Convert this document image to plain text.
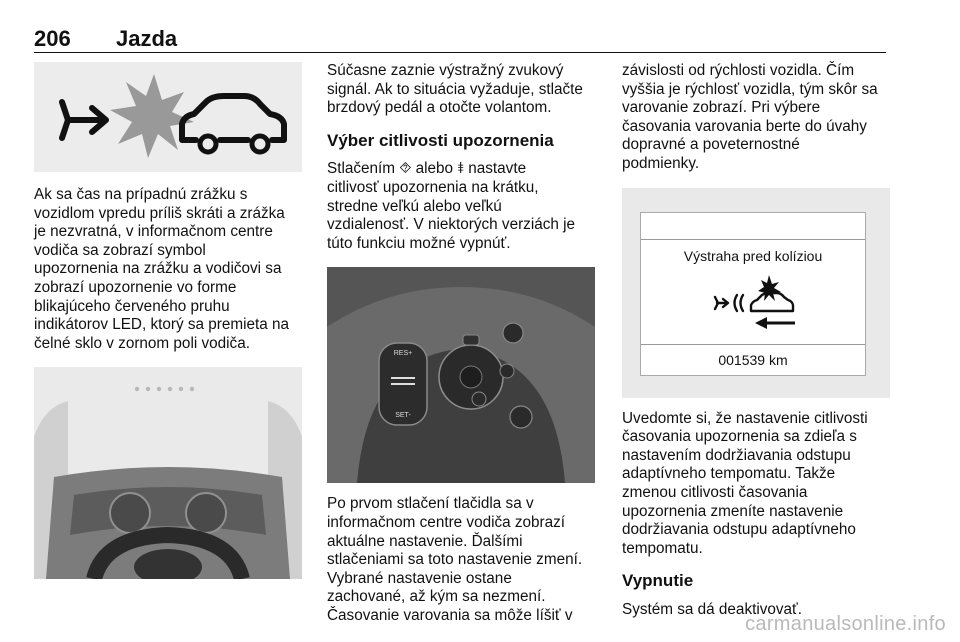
206 Jazda

Ak sa čas na prípadnú zrážku s
vozidlom vpredu príliš skráti a zrážka
je nezvratná, v informačnom centre
vodiča sa zobrazí symbol
upozornenia na zrážku a vodičovi sa
zobrazí upozornenie vo forme
blikajúceho červeného pruhu
indikátorov LED, ktorý sa premieta na
čelné sklo v zornom poli vodiča.

Súčasne zaznie výstražný zvukový
signál. Ak to situácia vyžaduje, stlačte
brzdový pedál a otočte volantom.

Výber citlivosti upozornenia

Stlačením ⯑ alebo ⯒ nastavte
citlivosť upozornenia na krátku,
stredne veľkú alebo veľkú
vzdialenosť. V niektorých verziách je
túto funkciu možné vypnúť.

RES+
SET-

Po prvom stlačení tlačidla sa v
informačnom centre vodiča zobrazí
aktuálne nastavenie. Ďalšími
stlačeniami sa toto nastavenie zmení.
Vybrané nastavenie ostane
zachované, až kým sa nezmení.
Časovanie varovania sa môže líšiť v

závislosti od rýchlosti vozidla. Čím
vyššia je rýchlosť vozidla, tým skôr sa
varovanie zobrazí. Pri výbere
časovania varovania berte do úvahy
dopravné a poveternostné
podmienky.

Výstraha pred kolíziou
001539 km

Uvedomte si, že nastavenie citlivosti
časovania upozornenia sa zdieľa s
nastavením dodržiavania odstupu
adaptívneho tempomatu. Takže
zmenou citlivosti časovania
upozornenia zmeníte nastavenie
dodržiavania odstupu adaptívneho
tempomatu.

Vypnutie

Systém sa dá deaktivovať.

carmanualsonline.info
